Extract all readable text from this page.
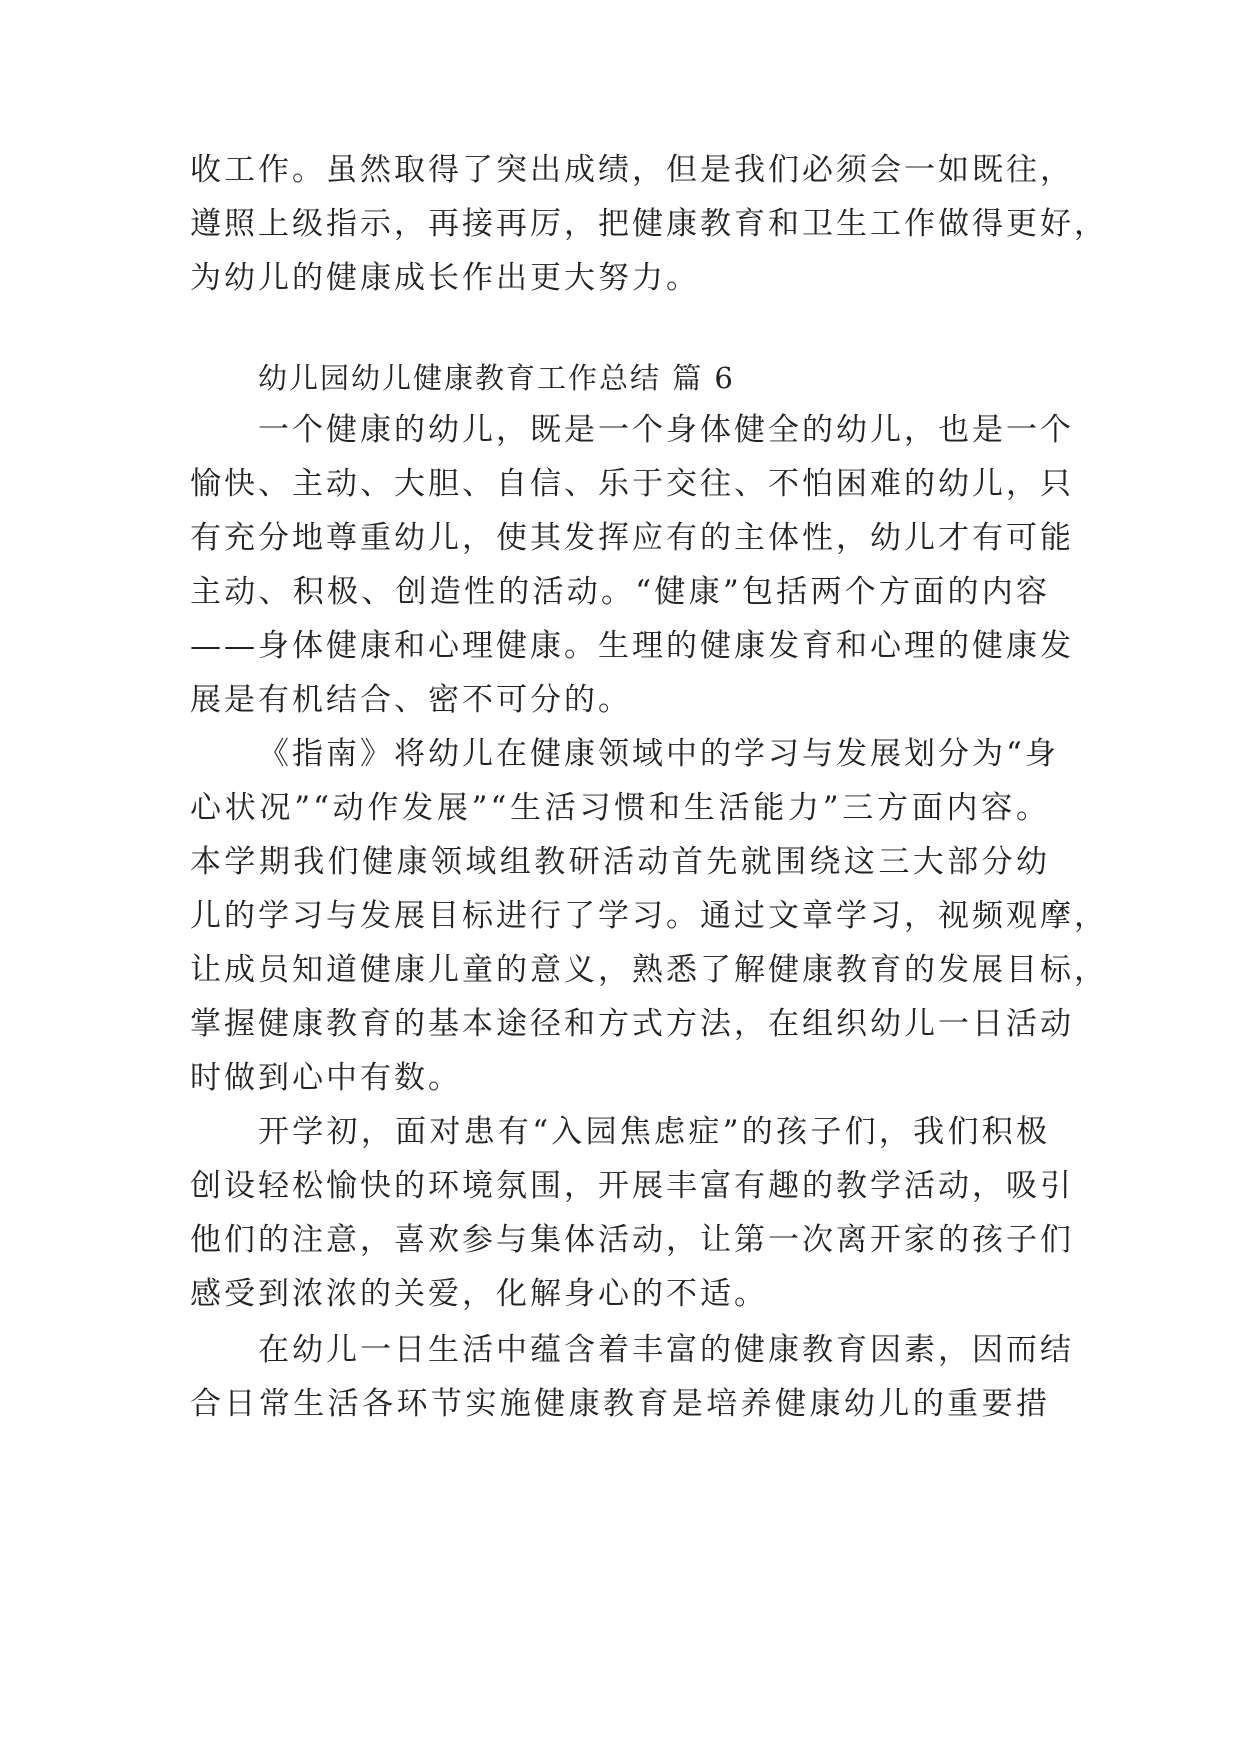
收工作。虽然取得了突出成绩，但是我们必须会一如既往，
遵照上级指示，再接再厉，把健康教育和卫生工作做得更好，
为幼儿的健康成长作出更大努力。
幼儿园幼儿健康教育工作总结 篇 6
一个健康的幼儿，既是一个身体健全的幼儿，也是一个
愉快、主动、大胆、自信、乐于交往、不怕困难的幼儿，只
有充分地尊重幼儿，使其发挥应有的主体性，幼儿才有可能
主动、积极、创造性的活动。“健康”包括两个方面的内容
——身体健康和心理健康。生理的健康发育和心理的健康发
展是有机结合、密不可分的。
《指南》将幼儿在健康领域中的学习与发展划分为“身
心状况”“动作发展”“生活习惯和生活能力”三方面内容。
本学期我们健康领域组教研活动首先就围绕这三大部分幼
儿的学习与发展目标进行了学习。通过文章学习，视频观摩，
让成员知道健康儿童的意义，熟悉了解健康教育的发展目标，
掌握健康教育的基本途径和方式方法，在组织幼儿一日活动
时做到心中有数。
开学初，面对患有“入园焦虑症”的孩子们，我们积极
创设轻松愉快的环境氛围，开展丰富有趣的教学活动，吸引
他们的注意，喜欢参与集体活动，让第一次离开家的孩子们
感受到浓浓的关爱，化解身心的不适。
在幼儿一日生活中蕴含着丰富的健康教育因素，因而结
合日常生活各环节实施健康教育是培养健康幼儿的重要措
